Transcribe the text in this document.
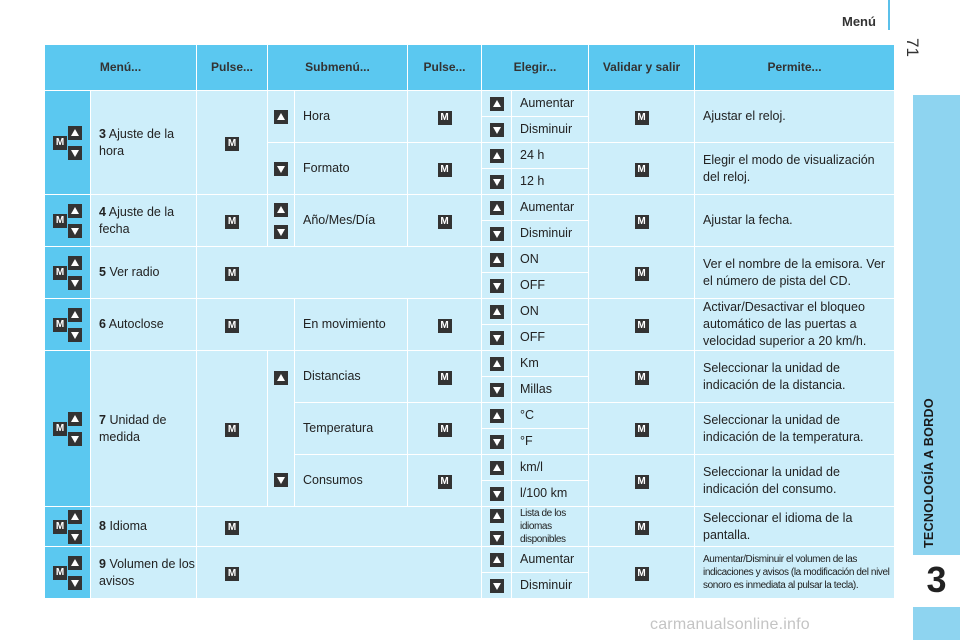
Menú
71
TECNOLOGÍA A BORDO
3
Menú...		Pulse...	Submenú...		Pulse...	Elegir...		Validar y salir	Permite...

M	3 Ajuste de la hora	M		Hora	M		Aumentar	M	Ajustar el reloj.
							Disminuir		
				Formato	M		24 h	M	Elegir el modo de visualización del reloj.
							12 h		

M	4 Ajuste de la fecha	M		Año/Mes/Día	M		Aumentar	M	Ajustar la fecha.
							Disminuir		

M	5 Ver radio	M					ON	M	Ver el nombre de la emisora. Ver el número de pista del CD.
							OFF		

M	6 Autoclose	M		En movimiento	M		ON	M	Activar/Desactivar el bloqueo automático de las puertas a velocidad superior a 20 km/h.
							OFF		

M	7 Unidad de medida	M		Distancias	M		Km	M	Seleccionar la unidad de indicación de la distancia.
							Millas		
				Temperatura	M		°C	M	Seleccionar la unidad de indicación de la temperatura.
							°F		
				Consumos	M		km/l	M	Seleccionar la unidad de indicación del consumo.
							l/100 km		

M	8 Idioma	M					Lista de los idiomas disponibles	M	Seleccionar el idioma de la pantalla.

M	9 Volumen de los avisos	M					Aumentar	M	Aumentar/Disminuir el volumen de las indicaciones y avisos (la modificación del nivel sonoro es inmediata al pulsar la tecla).
							Disminuir		
carmanualsonline.info
